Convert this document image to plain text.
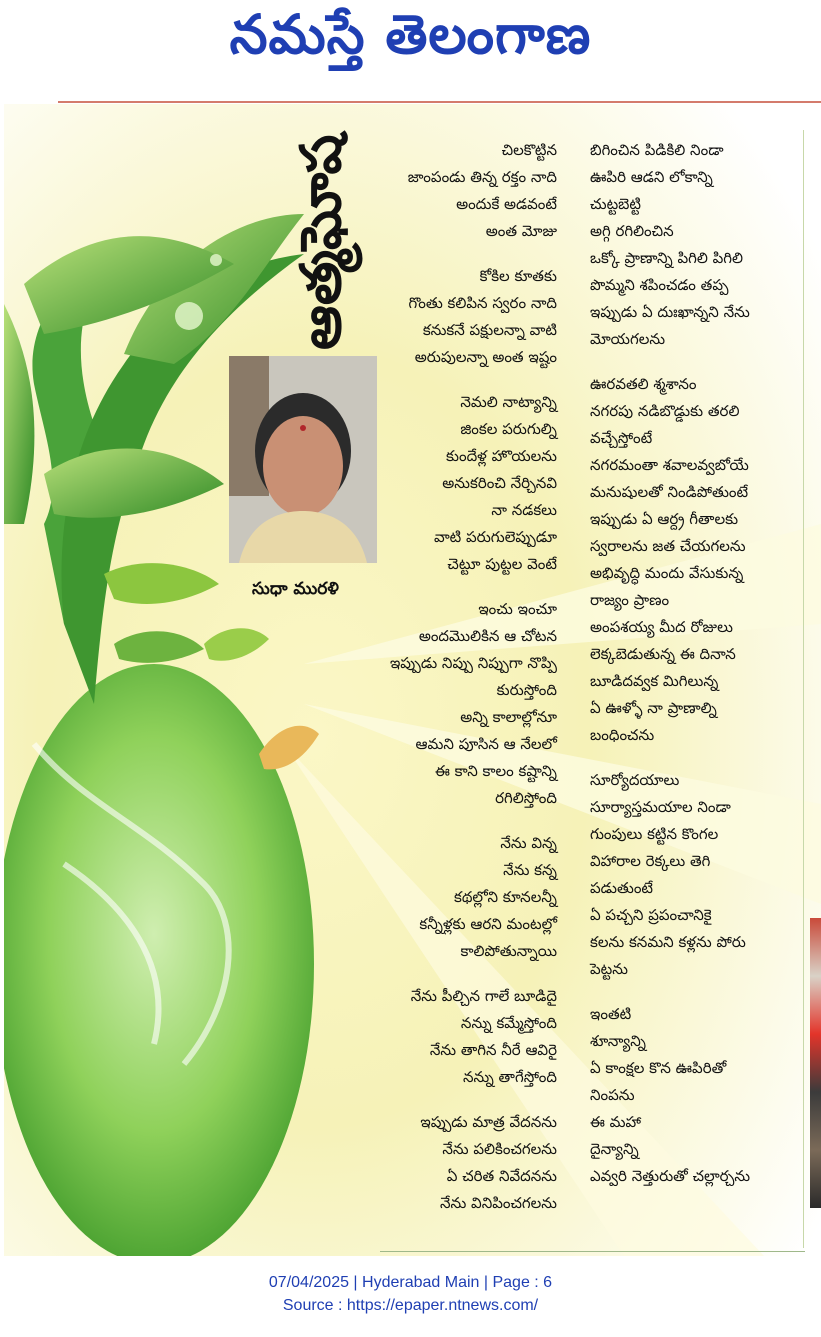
నమస్తే తెలంగాణ
ఆత్మఘోష
సుధా మురళి
చిలకొట్టిన
జాంపండు తిన్న రక్తం నాది
అందుకే అడవంటే
అంత మోజు
కోకిల కూతకు
గొంతు కలిపిన స్వరం నాది
కనుకనే పక్షులన్నా వాటి
అరుపులన్నా అంత ఇష్టం
నెమలి నాట్యాన్ని
జింకల పరుగుల్ని
కుందేళ్ల హొయలను
అనుకరించి నేర్చినవి
నా నడకలు
వాటి పరుగులెప్పుడూ
చెట్టూ పుట్టల వెంటే
ఇంచు ఇంచూ
అందమొలికిన ఆ చోటన
ఇప్పుడు నిప్పు నిప్పుగా నొప్పి
కురుస్తోంది
అన్ని కాలాల్లోనూ
ఆమని పూసిన ఆ నేలలో
ఈ కాని కాలం కష్టాన్ని
రగిలిస్తోంది
నేను విన్న
నేను కన్న
కథల్లోని కూనలన్నీ
కన్నీళ్లకు ఆరని మంటల్లో
కాలిపోతున్నాయి
నేను పీల్చిన గాలే బూడిదై
నన్ను కమ్మేస్తోంది
నేను తాగిన నీరే ఆవిరై
నన్ను తాగేస్తోంది
ఇప్పుడు మాత్ర వేదనను
నేను పలికించగలను
ఏ చరిత నివేదనను
నేను వినిపించగలను
బిగించిన పిడికిలి నిండా
ఊపిరి ఆడని లోకాన్ని
చుట్టబెట్టి
అగ్గి రగిలించిన
ఒక్కో ప్రాణాన్ని పిగిలి పిగిలి
పొమ్మని శపించడం తప్ప
ఇప్పుడు ఏ దుఃఖాన్నని నేను
మోయగలను
ఊరవతలి శ్మశానం
నగరపు నడిబొడ్డుకు తరలి
వచ్చేస్తోంటే
నగరమంతా శవాలవ్వబోయే
మనుషులతో నిండిపోతుంటే
ఇప్పుడు ఏ ఆర్ద్ర గీతాలకు
స్వరాలను జత చేయగలను
అభివృద్ధి మందు వేసుకున్న
రాజ్యం ప్రాణం
అంపశయ్య మీద రోజులు
లెక్కబెడుతున్న ఈ దినాన
బూడిదవ్వక మిగిలున్న
ఏ ఊళ్ళో నా ప్రాణాల్ని
బంధించను
సూర్యోదయాలు
సూర్యాస్తమయాల నిండా
గుంపులు కట్టిన కొంగల
విహారాల రెక్కలు తెగి
పడుతుంటే
ఏ పచ్చని ప్రపంచానికై
కలను కనమని కళ్లను పోరు
పెట్టను
ఇంతటి
శూన్యాన్ని
ఏ కాంక్షల కొన ఊపిరితో
నింపను
ఈ మహా
దైన్యాన్ని
ఎవ్వరి నెత్తురుతో చల్లార్చను
07/04/2025 | Hyderabad Main | Page : 6
Source : https://epaper.ntnews.com/
